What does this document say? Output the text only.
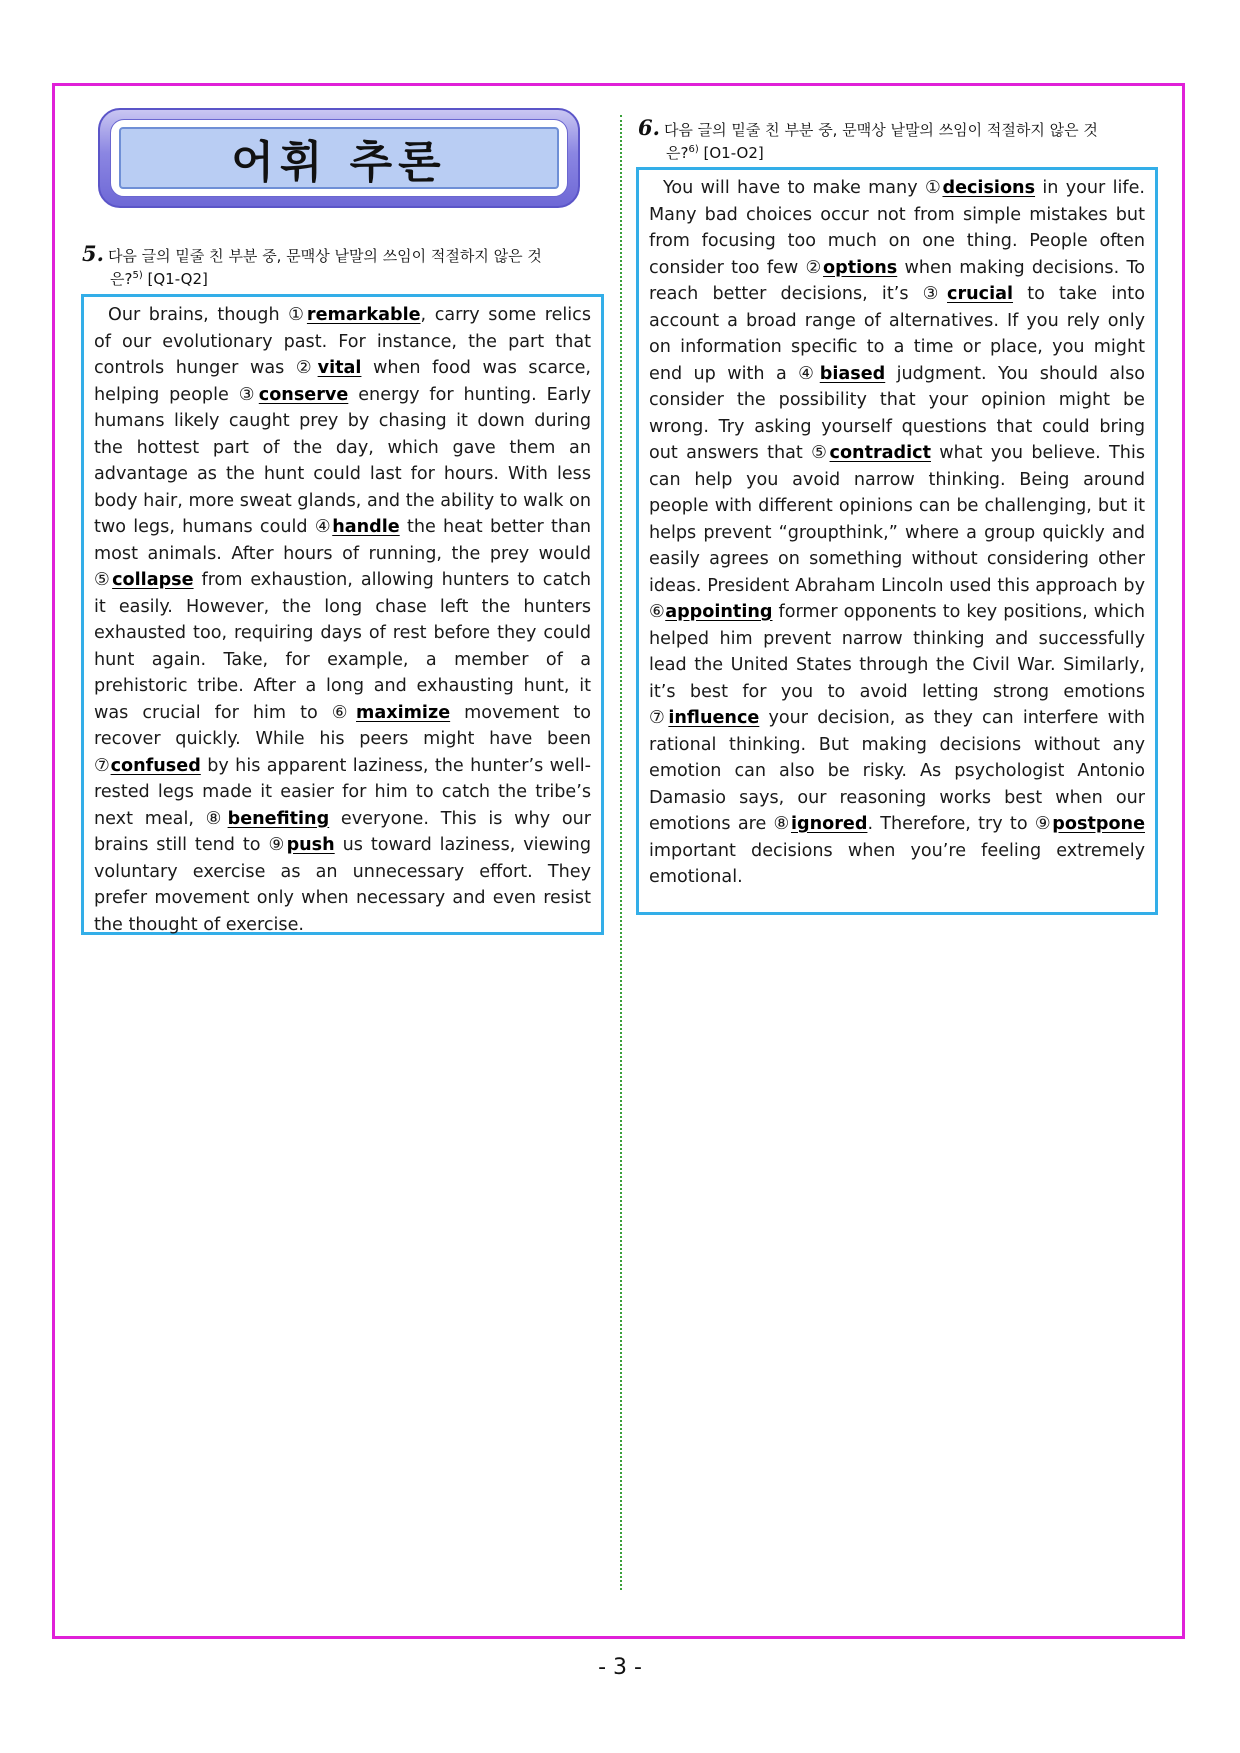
어휘 추론
5. 다음 글의 밑줄 친 부분 중, 문맥상 낱말의 쓰임이 적절하지 않은 것
은?$^{5)}$ [Q1-Q2]

Our brains, though ①remarkable, carry some relics of our evolutionary past. For instance, the part that controls hunger was ②vital when food was scarce, helping people ③conserve energy for hunting. Early humans likely caught prey by chasing it down during the hottest part of the day, which gave them an advantage as the hunt could last for hours. With less body hair, more sweat glands, and the ability to walk on two legs, humans could ④handle the heat better than most animals. After hours of running, the prey would ⑤collapse from exhaustion, allowing hunters to catch it easily. However, the long chase left the hunters exhausted too, requiring days of rest before they could hunt again. Take, for example, a member of a prehistoric tribe. After a long and exhausting hunt, it was crucial for him to ⑥maximize movement to recover quickly. While his peers might have been ⑦confused by his apparent laziness, the hunter’s well-rested legs made it easier for him to catch the tribe’s next meal, ⑧benefiting everyone. This is why our brains still tend to ⑨push us toward laziness, viewing voluntary exercise as an unnecessary effort. They prefer movement only when necessary and even resist the thought of exercise.

6. 다음 글의 밑줄 친 부분 중, 문맥상 낱말의 쓰임이 적절하지 않은 것
은?$^{6)}$ [O1-O2]

You will have to make many ①decisions in your life. Many bad choices occur not from simple mistakes but from focusing too much on one thing. People often consider too few ②options when making decisions. To reach better decisions, it’s ③crucial to take into account a broad range of alternatives. If you rely only on information specific to a time or place, you might end up with a ④biased judgment. You should also consider the possibility that your opinion might be wrong. Try asking yourself questions that could bring out answers that ⑤contradict what you believe. This can help you avoid narrow thinking. Being around people with different opinions can be challenging, but it helps prevent “groupthink,” where a group quickly and easily agrees on something without considering other ideas. President Abraham Lincoln used this approach by ⑥appointing former opponents to key positions, which helped him prevent narrow thinking and successfully lead the United States through the Civil War. Similarly, it’s best for you to avoid letting strong emotions ⑦influence your decision, as they can interfere with rational thinking. But making decisions without any emotion can also be risky. As psychologist Antonio Damasio says, our reasoning works best when our emotions are ⑧ignored. Therefore, try to ⑨postpone important decisions when you’re feeling extremely emotional.

- 3 -
